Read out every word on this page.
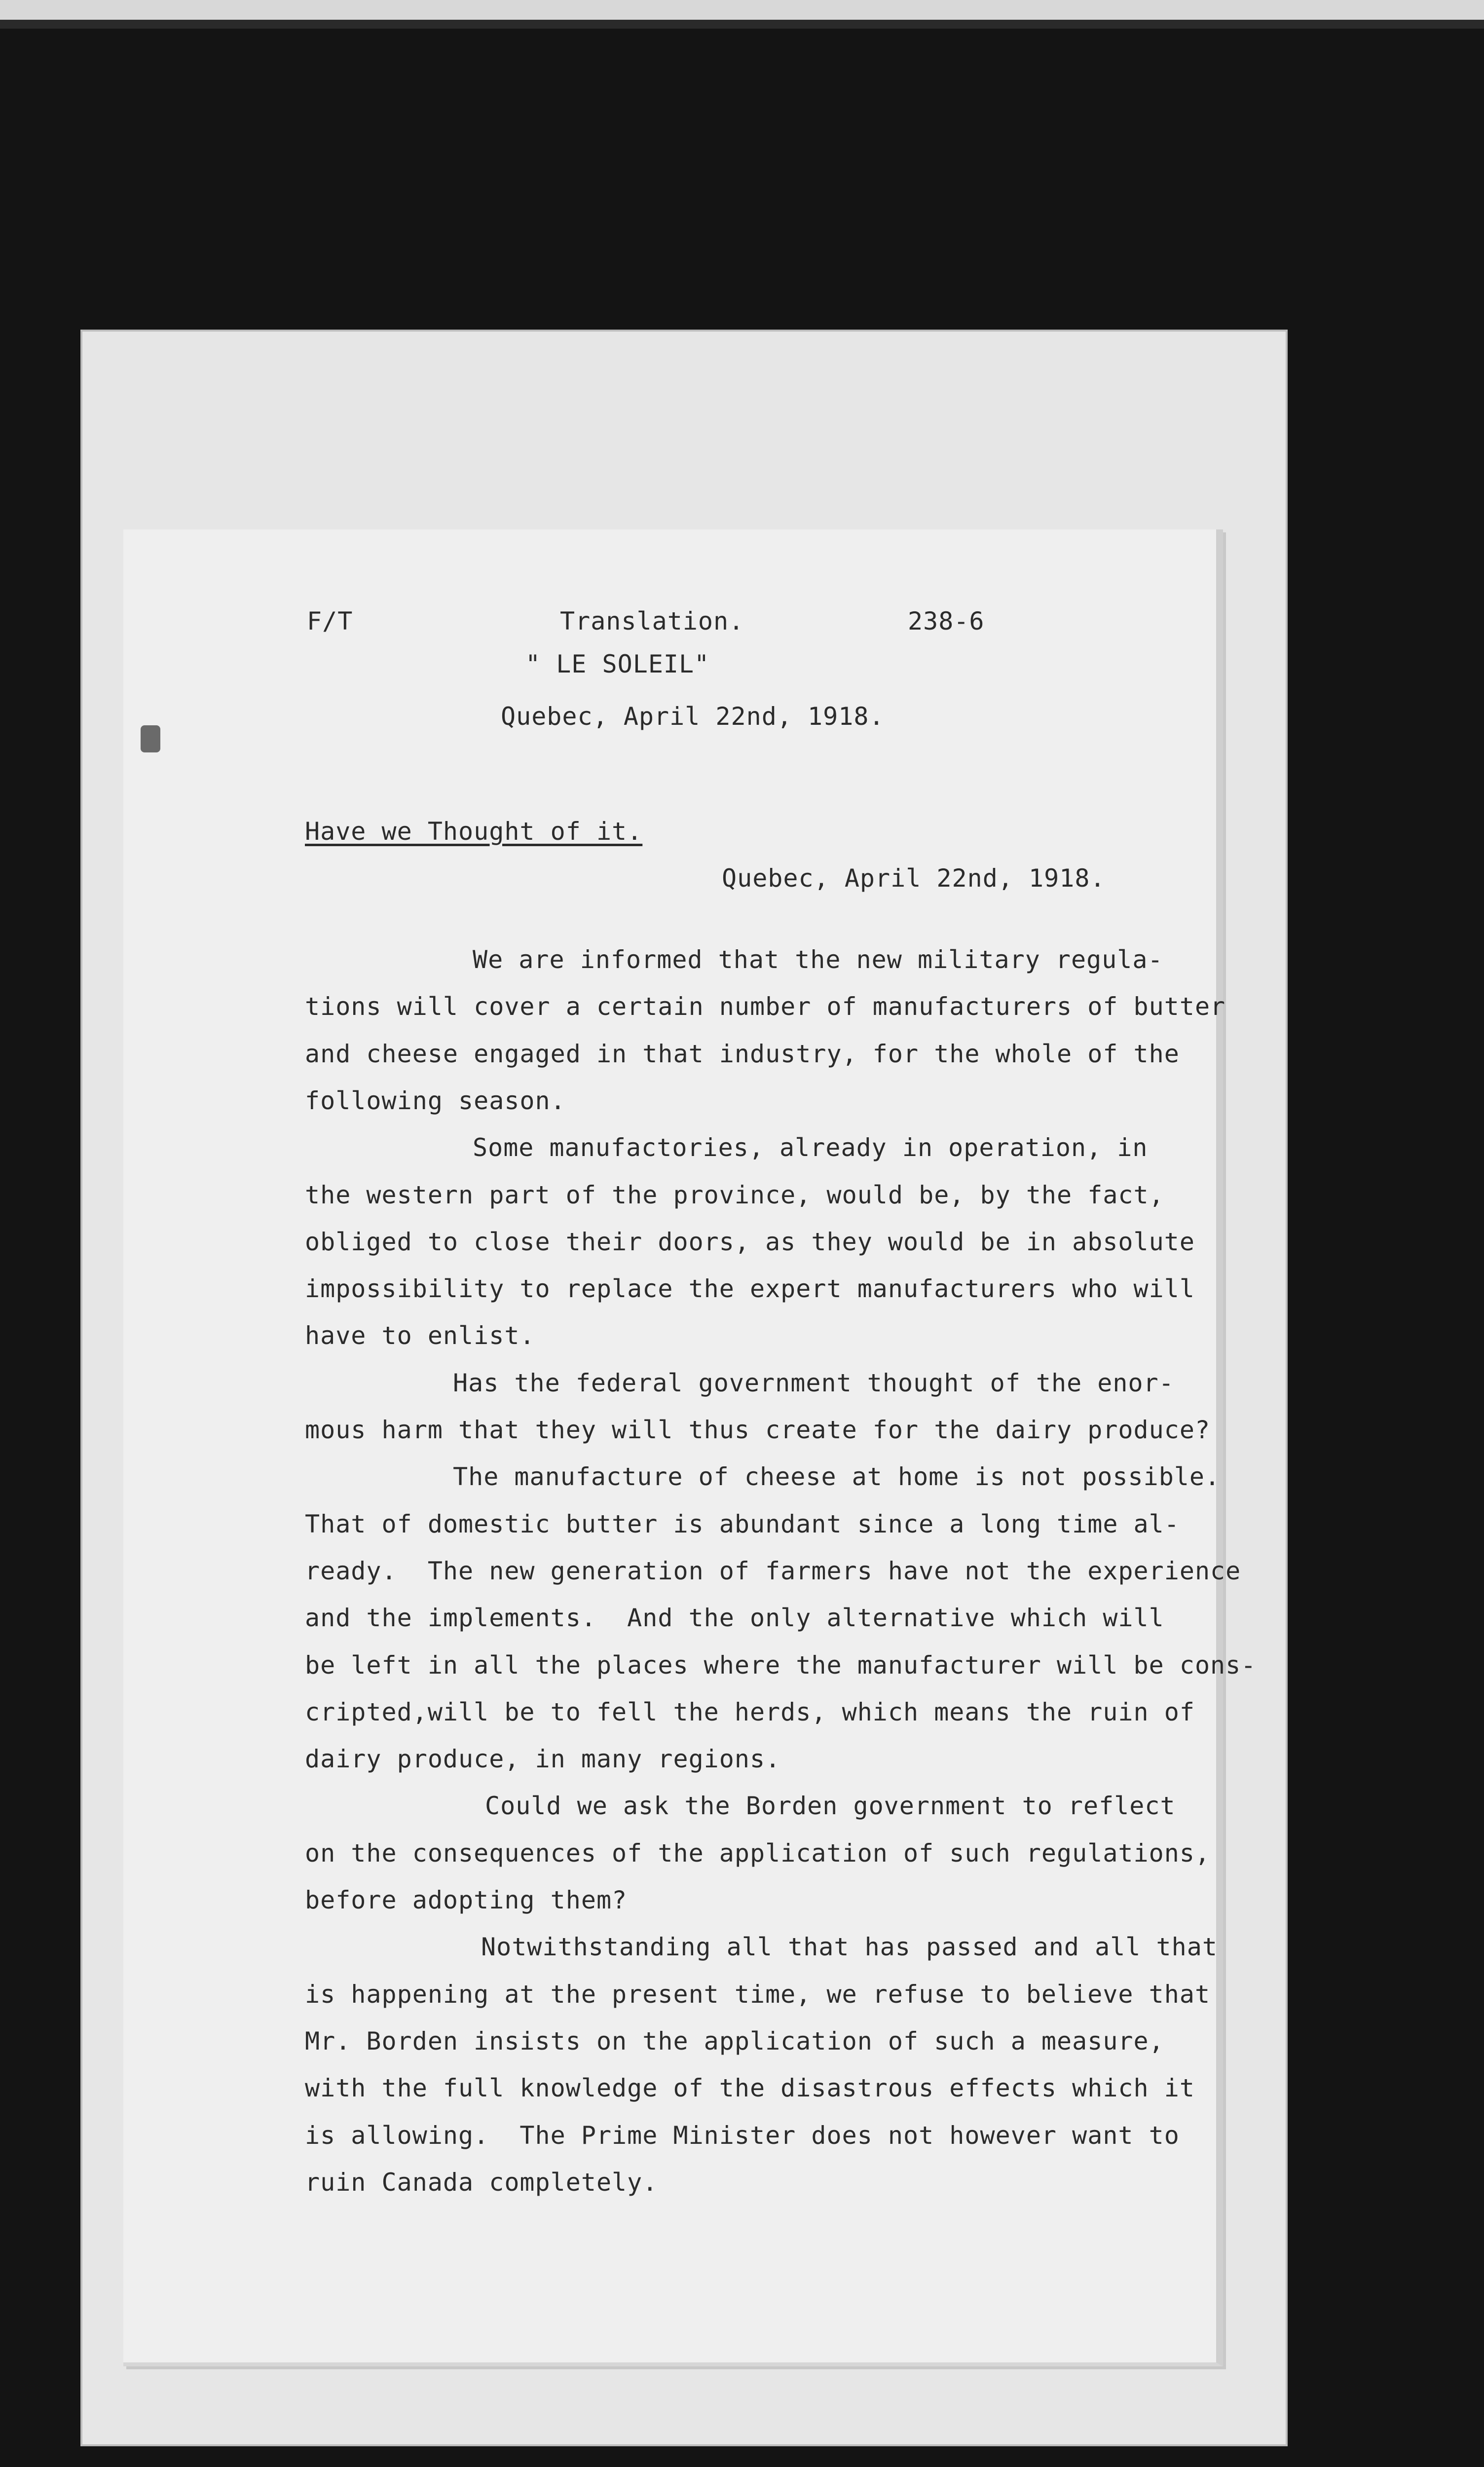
F/T	Translation.	238-6
" LE SOLEIL"
Quebec, April 22nd, 1918.
Have we Thought of it.
Quebec, April 22nd, 1918.
We are informed that the new military regula-
tions will cover a certain number of manufacturers of butter
and cheese engaged in that industry, for the whole of the
following season.
Some manufactories, already in operation, in
the western part of the province, would be, by the fact,
obliged to close their doors, as they would be in absolute
impossibility to replace the expert manufacturers who will
have to enlist.
Has the federal government thought of the enor-
mous harm that they will thus create for the dairy produce?
The manufacture of cheese at home is not possible.
That of domestic butter is abundant since a long time al-
ready.  The new generation of farmers have not the experience
and the implements.  And the only alternative which will
be left in all the places where the manufacturer will be cons-
cripted,will be to fell the herds, which means the ruin of
dairy produce, in many regions.
Could we ask the Borden government to reflect
on the consequences of the application of such regulations,
before adopting them?
Notwithstanding all that has passed and all that
is happening at the present time, we refuse to believe that
Mr. Borden insists on the application of such a measure,
with the full knowledge of the disastrous effects which it
is allowing.  The Prime Minister does not however want to
ruin Canada completely.
